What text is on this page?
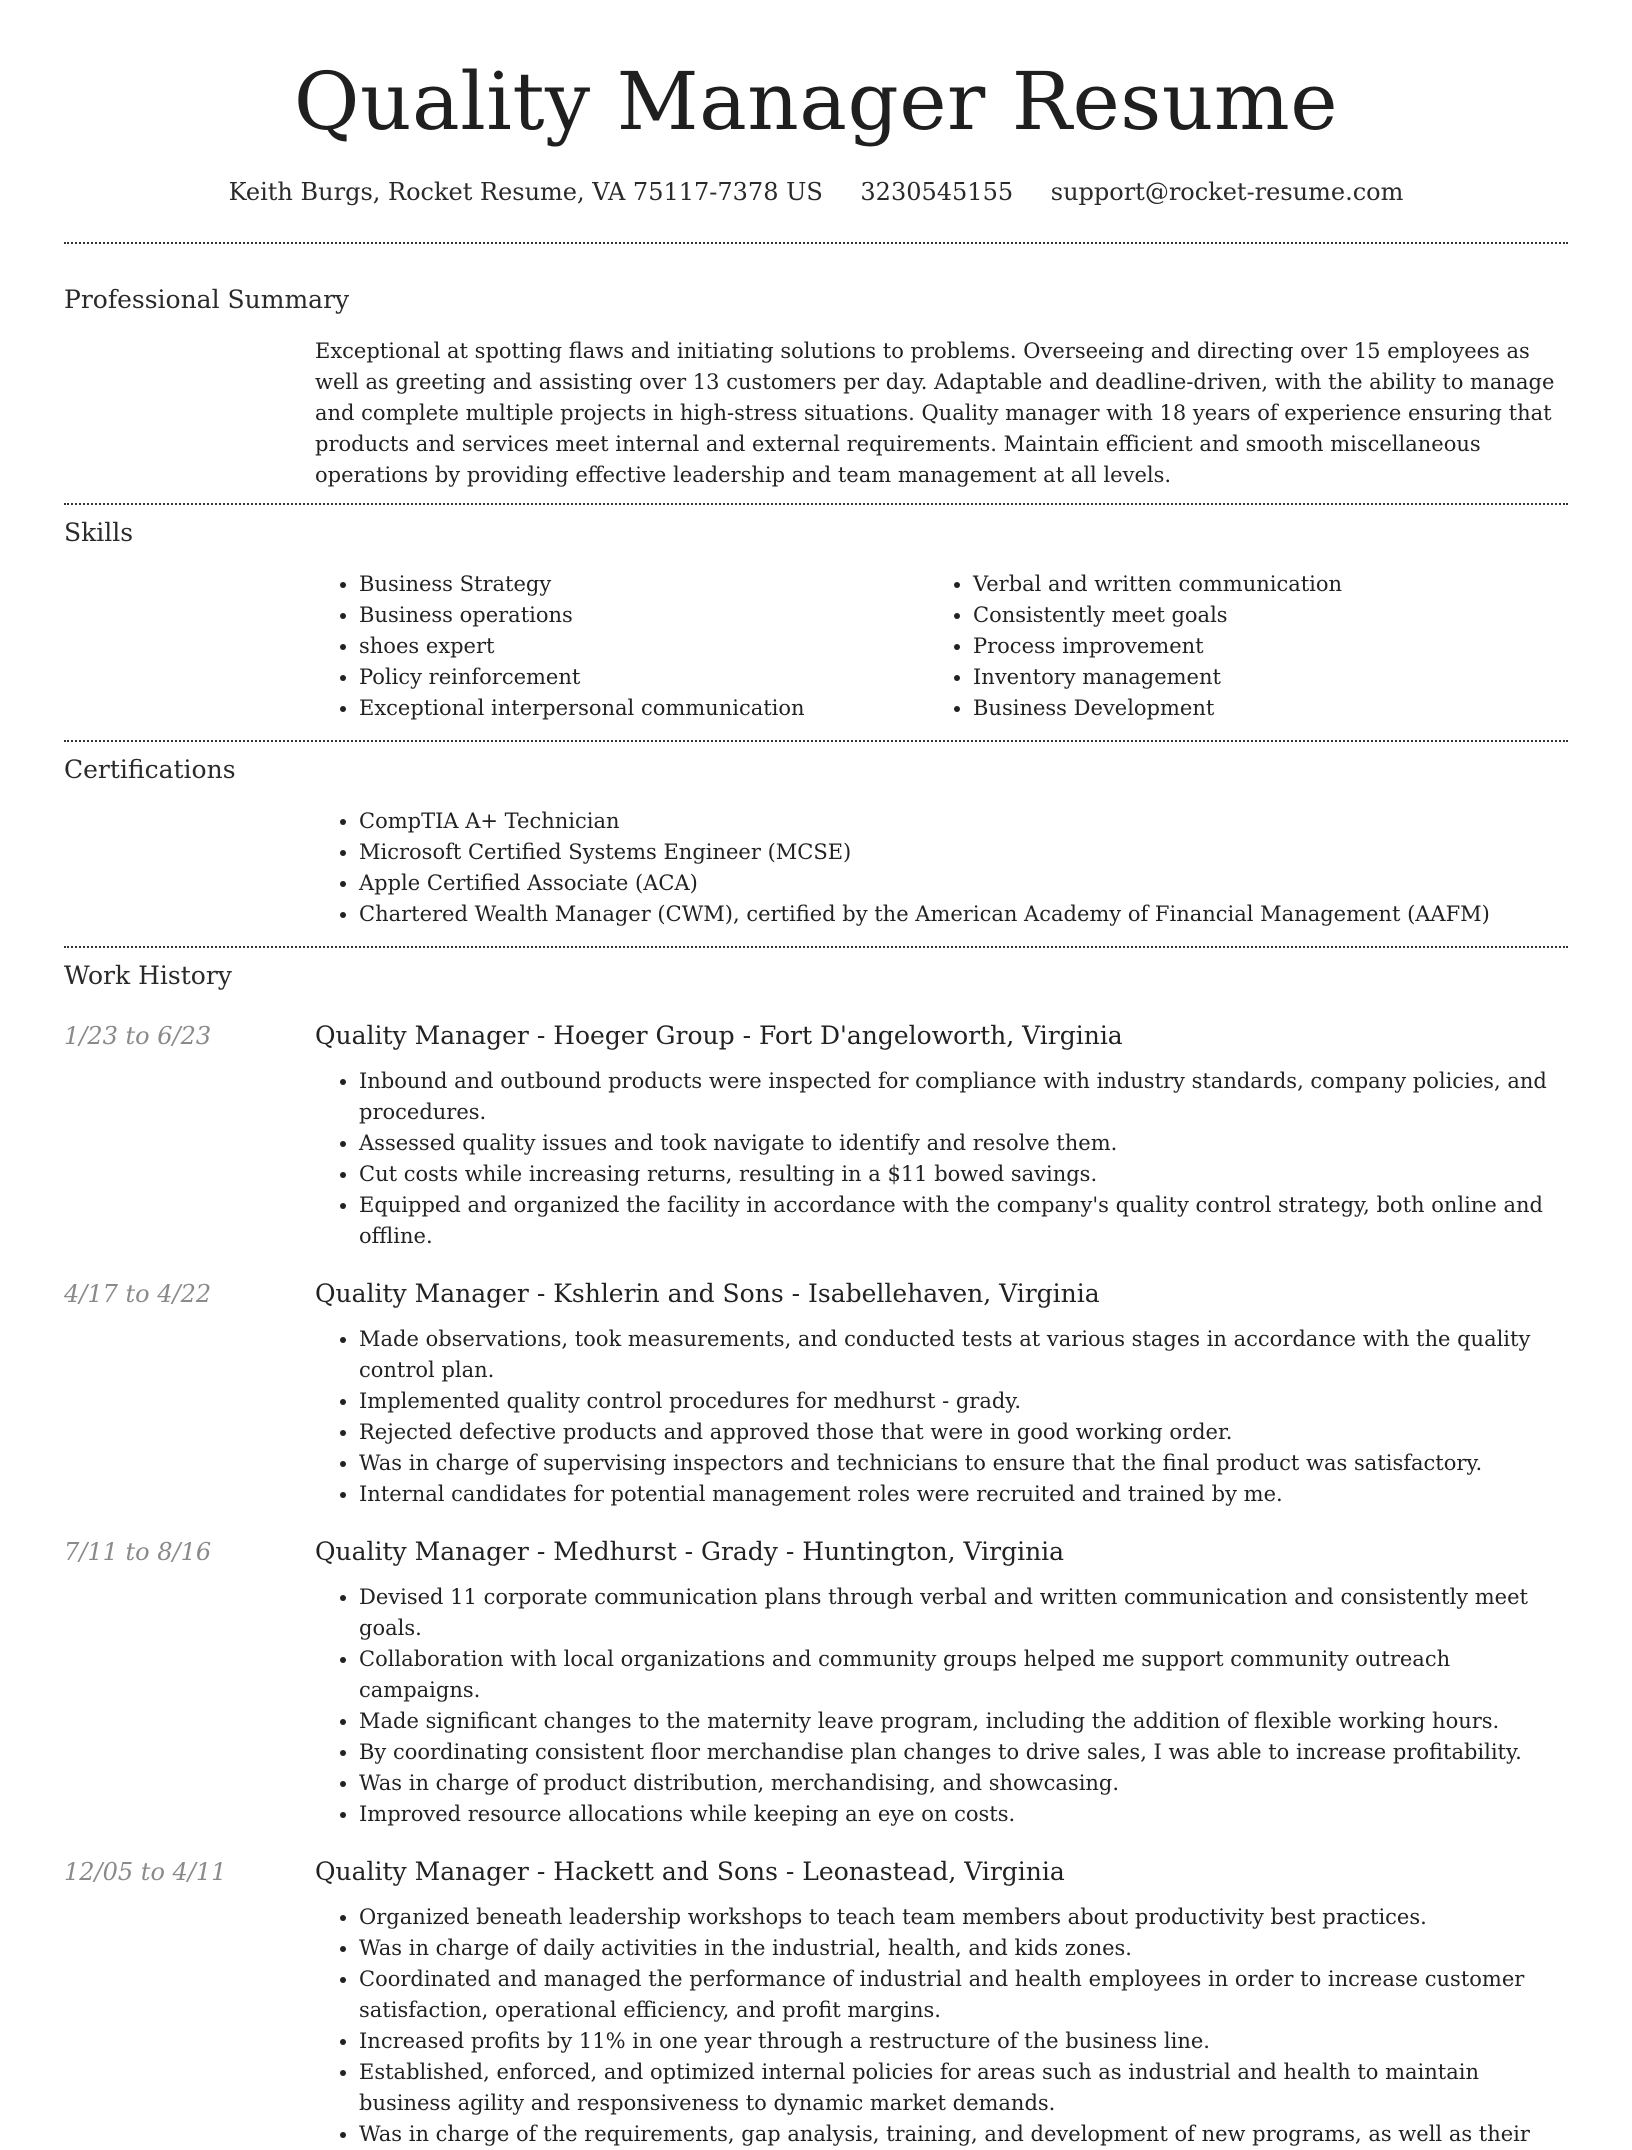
Quality Manager Resume
Keith Burgs, Rocket Resume, VA 75117-7378 US 3230545155 support@rocket-resume.com
Professional Summary

Exceptional at spotting flaws and initiating solutions to problems. Overseeing and directing over 15 employees as well as greeting and assisting over 13 customers per day. Adaptable and deadline-driven, with the ability to manage and complete multiple projects in high-stress situations. Quality manager with 18 years of experience ensuring that products and services meet internal and external requirements. Maintain efficient and smooth miscellaneous operations by providing effective leadership and team management at all levels.

Skills
• Business Strategy
• Business operations
• shoes expert
• Policy reinforcement
• Exceptional interpersonal communication
• Verbal and written communication
• Consistently meet goals
• Process improvement
• Inventory management
• Business Development
Certifications
• CompTIA A+ Technician
• Microsoft Certified Systems Engineer (MCSE)
• Apple Certified Associate (ACA)
• Chartered Wealth Manager (CWM), certified by the American Academy of Financial Management (AAFM)
Work History
1/23 to 6/23	Quality Manager - Hoeger Group - Fort D'angeloworth, Virginia
• Inbound and outbound products were inspected for compliance with industry standards, company policies, and procedures.
• Assessed quality issues and took navigate to identify and resolve them.
• Cut costs while increasing returns, resulting in a $11 bowed savings.
• Equipped and organized the facility in accordance with the company's quality control strategy, both online and offline.
4/17 to 4/22	Quality Manager - Kshlerin and Sons - Isabellehaven, Virginia
• Made observations, took measurements, and conducted tests at various stages in accordance with the quality control plan.
• Implemented quality control procedures for medhurst - grady.
• Rejected defective products and approved those that were in good working order.
• Was in charge of supervising inspectors and technicians to ensure that the final product was satisfactory.
• Internal candidates for potential management roles were recruited and trained by me.
7/11 to 8/16	Quality Manager - Medhurst - Grady - Huntington, Virginia
• Devised 11 corporate communication plans through verbal and written communication and consistently meet goals.
• Collaboration with local organizations and community groups helped me support community outreach campaigns.
• Made significant changes to the maternity leave program, including the addition of flexible working hours.
• By coordinating consistent floor merchandise plan changes to drive sales, I was able to increase profitability.
• Was in charge of product distribution, merchandising, and showcasing.
• Improved resource allocations while keeping an eye on costs.
12/05 to 4/11	Quality Manager - Hackett and Sons - Leonastead, Virginia
• Organized beneath leadership workshops to teach team members about productivity best practices.
• Was in charge of daily activities in the industrial, health, and kids zones.
• Coordinated and managed the performance of industrial and health employees in order to increase customer satisfaction, operational efficiency, and profit margins.
• Increased profits by 11% in one year through a restructure of the business line.
• Established, enforced, and optimized internal policies for areas such as industrial and health to maintain business agility and responsiveness to dynamic market demands.
• Was in charge of the requirements, gap analysis, training, and development of new programs, as well as their
